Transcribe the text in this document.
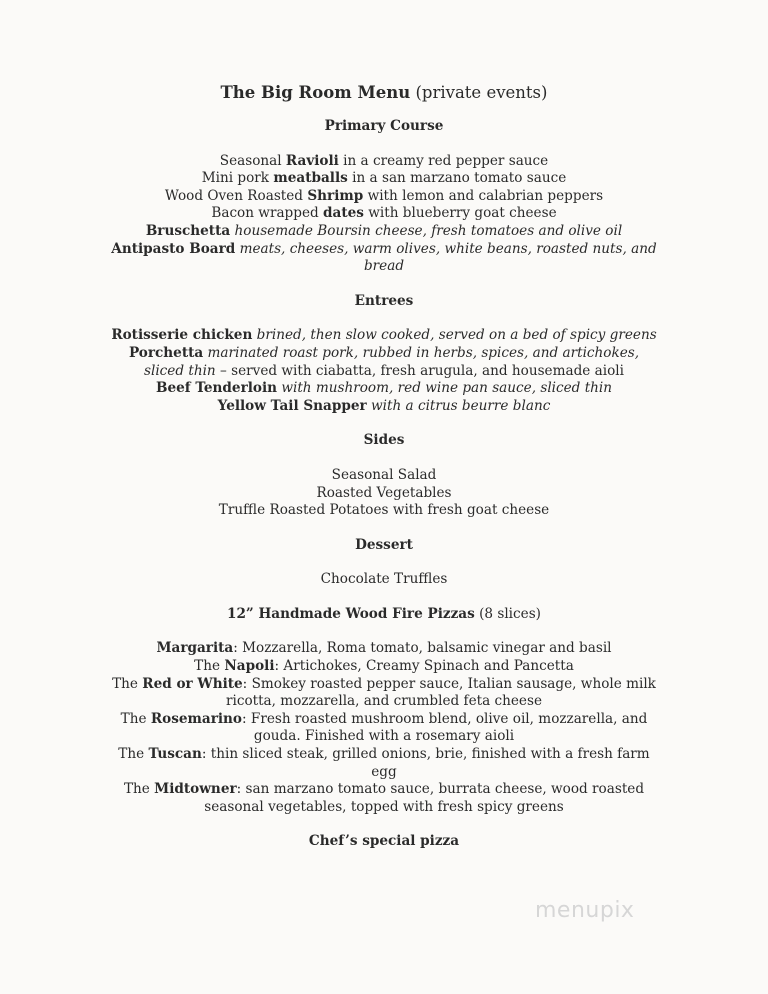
The Big Room Menu (private events)
Primary Course
Seasonal Ravioli in a creamy red pepper sauce
Mini pork meatballs in a san marzano tomato sauce
Wood Oven Roasted Shrimp with lemon and calabrian peppers
Bacon wrapped dates with blueberry goat cheese
Bruschetta housemade Boursin cheese, fresh tomatoes and olive oil
Antipasto Board meats, cheeses, warm olives, white beans, roasted nuts, and bread
Entrees
Rotisserie chicken brined, then slow cooked, served on a bed of spicy greens
Porchetta marinated roast pork, rubbed in herbs, spices, and artichokes, sliced thin – served with ciabatta, fresh arugula, and housemade aioli
Beef Tenderloin with mushroom, red wine pan sauce, sliced thin
Yellow Tail Snapper with a citrus beurre blanc
Sides
Seasonal Salad
Roasted Vegetables
Truffle Roasted Potatoes with fresh goat cheese
Dessert
Chocolate Truffles
12” Handmade Wood Fire Pizzas (8 slices)
Margarita: Mozzarella, Roma tomato, balsamic vinegar and basil
The Napoli: Artichokes, Creamy Spinach and Pancetta
The Red or White: Smokey roasted pepper sauce, Italian sausage, whole milk ricotta, mozzarella, and crumbled feta cheese
The Rosemarino: Fresh roasted mushroom blend, olive oil, mozzarella, and gouda. Finished with a rosemary aioli
The Tuscan: thin sliced steak, grilled onions, brie, finished with a fresh farm egg
The Midtowner: san marzano tomato sauce, burrata cheese, wood roasted seasonal vegetables, topped with fresh spicy greens
Chef’s special pizza
menupix
